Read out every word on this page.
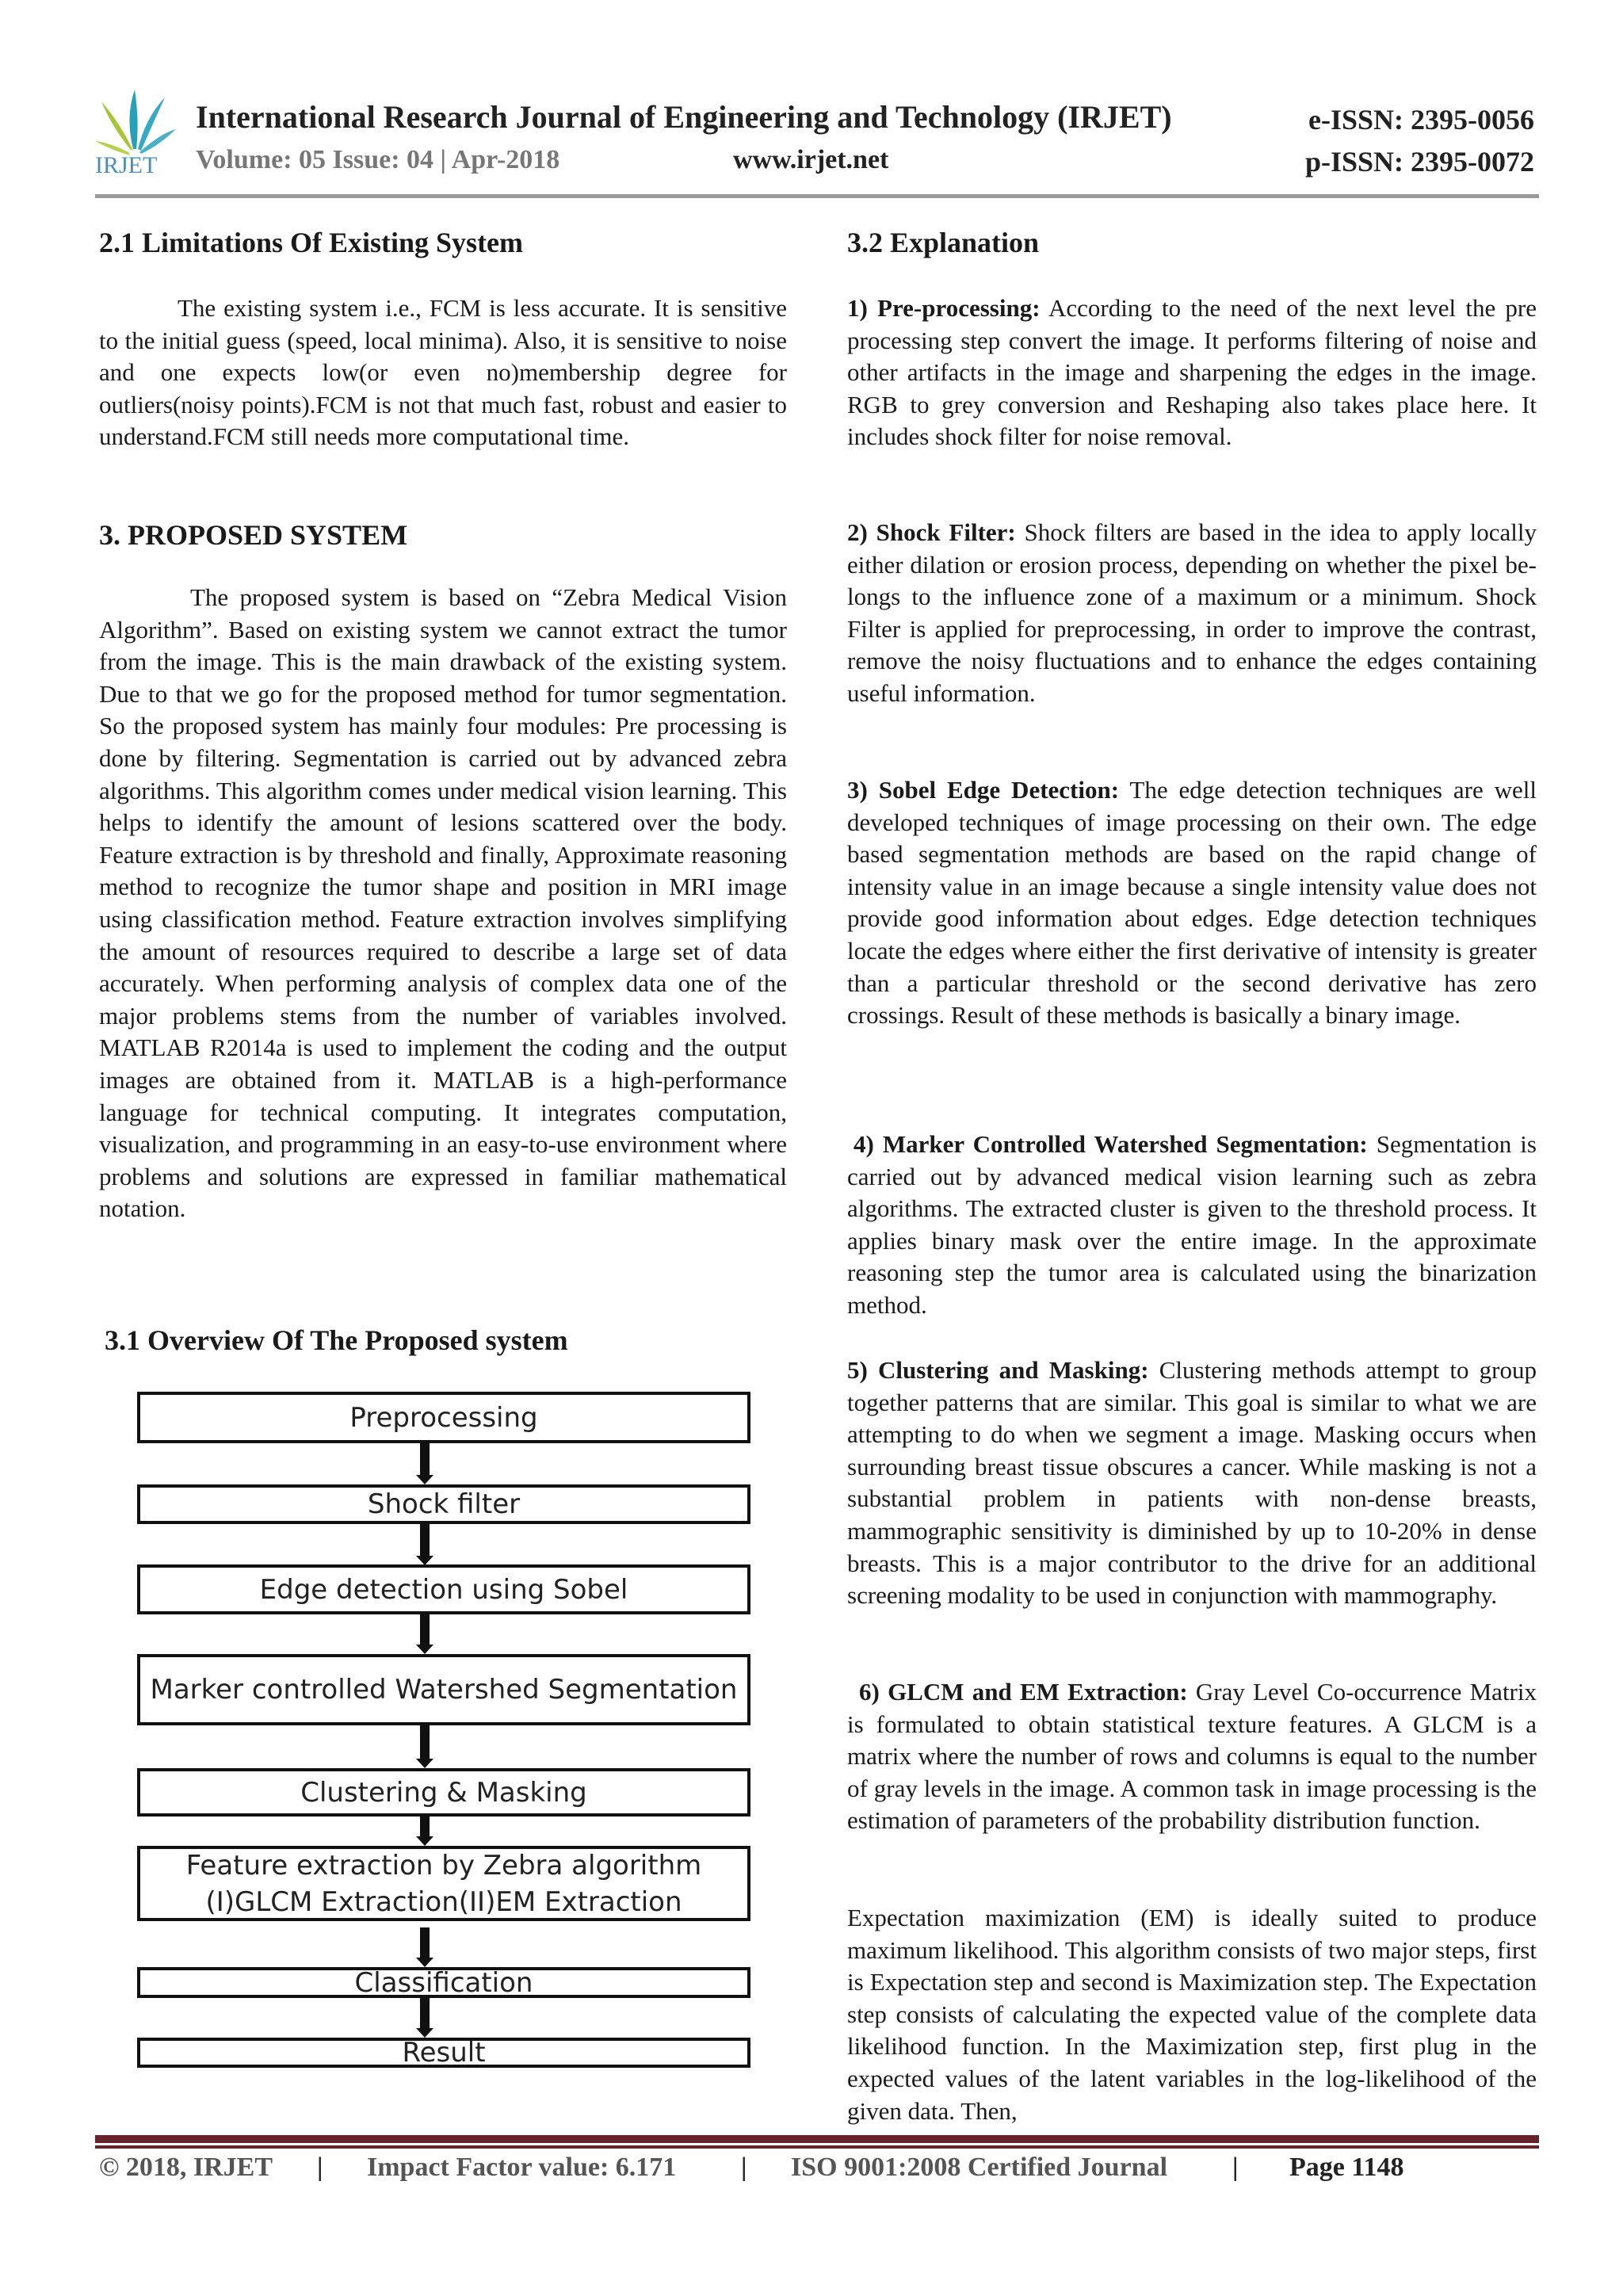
IRJET
International Research Journal of Engineering and Technology (IRJET)
Volume: 05 Issue: 04 | Apr-2018	www.irjet.net
e-ISSN: 2395-0056
p-ISSN: 2395-0072
2.1 Limitations Of Existing System

The existing system i.e., FCM is less accurate. It is sensitive to the initial guess (speed, local minima). Also, it is sensitive to noise and one expects low(or even no)membership degree for outliers(noisy points).FCM is not that much fast, robust and easier to understand.FCM still needs more computational time.

3. PROPOSED SYSTEM

The proposed system is based on “Zebra Medical Vision Algorithm”. Based on existing system we cannot extract the tumor from the image. This is the main drawback of the existing system. Due to that we go for the proposed method for tumor segmentation. So the proposed system has mainly four modules: Pre processing is done by filtering. Segmentation is carried out by advanced zebra algorithms. This algorithm comes under medical vision learning. This helps to identify the amount of lesions scattered over the body. Feature extraction is by threshold and finally, Approximate reasoning method to recognize the tumor shape and position in MRI image using classification method. Feature extraction involves simplifying the amount of resources required to describe a large set of data accurately. When performing analysis of complex data one of the major problems stems from the number of variables involved. MATLAB R2014a is used to implement the coding and the output images are obtained from it. MATLAB is a high-performance language for technical computing. It integrates computation, visualization, and programming in an easy-to-use environment where problems and solutions are expressed in familiar mathematical notation.

3.1 Overview Of The Proposed system
Preprocessing
Shock filter
Edge detection using Sobel
Marker controlled Watershed Segmentation
Clustering & Masking
Feature extraction by Zebra algorithm (I)GLCM Extraction(II)EM Extraction
Classification
Result
3.2 Explanation

1) Pre-processing: According to the need of the next level the pre processing step convert the image. It performs filtering of noise and other artifacts in the image and sharpening the edges in the image. RGB to grey conversion and Reshaping also takes place here. It includes shock filter for noise removal.

2) Shock Filter: Shock filters are based in the idea to apply locally either dilation or erosion process, depending on whether the pixel be-longs to the influence zone of a maximum or a minimum. Shock Filter is applied for preprocessing, in order to improve the contrast, remove the noisy fluctuations and to enhance the edges containing useful information.

3) Sobel Edge Detection: The edge detection techniques are well developed techniques of image processing on their own. The edge based segmentation methods are based on the rapid change of intensity value in an image because a single intensity value does not provide good information about edges. Edge detection techniques locate the edges where either the first derivative of intensity is greater than a particular threshold or the second derivative has zero crossings. Result of these methods is basically a binary image.

4) Marker Controlled Watershed Segmentation: Segmentation is carried out by advanced medical vision learning such as zebra algorithms. The extracted cluster is given to the threshold process. It applies binary mask over the entire image. In the approximate reasoning step the tumor area is calculated using the binarization method.

5) Clustering and Masking: Clustering methods attempt to group together patterns that are similar. This goal is similar to what we are attempting to do when we segment a image. Masking occurs when surrounding breast tissue obscures a cancer. While masking is not a substantial problem in patients with non-dense breasts, mammographic sensitivity is diminished by up to 10-20% in dense breasts. This is a major contributor to the drive for an additional screening modality to be used in conjunction with mammography.

6) GLCM and EM Extraction: Gray Level Co-occurrence Matrix is formulated to obtain statistical texture features. A GLCM is a matrix where the number of rows and columns is equal to the number of gray levels in the image. A common task in image processing is the estimation of parameters of the probability distribution function.

Expectation maximization (EM) is ideally suited to produce maximum likelihood. This algorithm consists of two major steps, first is Expectation step and second is Maximization step. The Expectation step consists of calculating the expected value of the complete data likelihood function. In the Maximization step, first plug in the expected values of the latent variables in the log-likelihood of the given data. Then,

© 2018, IRJET | Impact Factor value: 6.171 | ISO 9001:2008 Certified Journal | Page 1148
